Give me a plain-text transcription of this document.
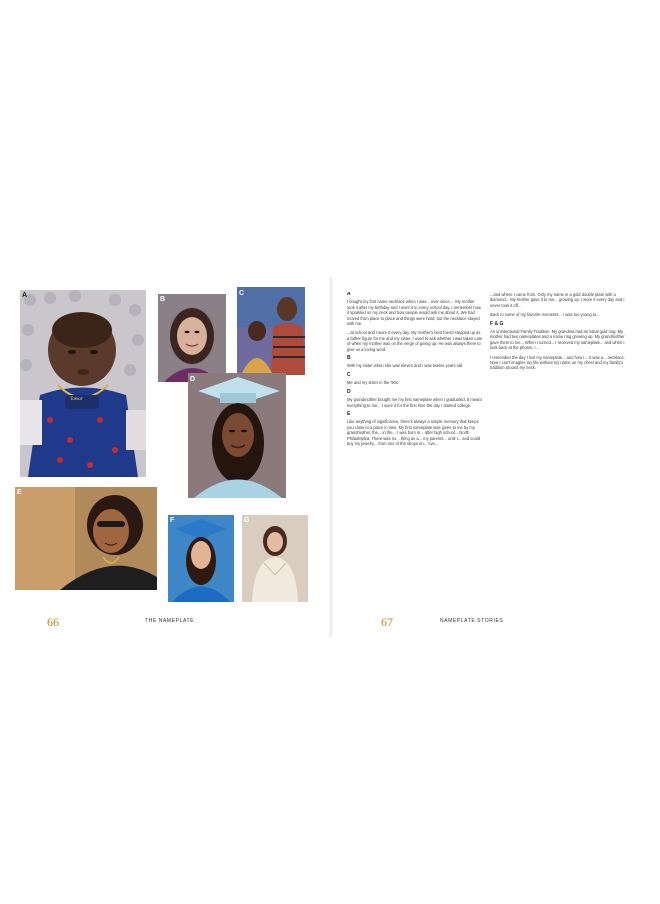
A
Tamar
B
C
D
E
F	G
66	THE NAMEPLATE
A

I bought my first name necklace when I was... ever since.... My mother took it after my birthday and I wore it to every school day. I remember how it sparkled on my neck and how people would ask me about it. We had moved from place to place and things were hard, but the necklace stayed with me.

...at school and I wore it every day. My mother's best friend stepped up as a father figure for me and my sister. I used to ask whether I was taken care of when my mother was on the verge of giving up. He was always there to give us a loving word.

B

With my sister when she was eleven and I was twelve years old.

C

Me and my sister in the '90s.

D

My grandmother bought me my first nameplate when I graduated. It meant everything to me... I wore it for the first time the day I started college.

E

Like anything of significance, there's always a simple memory that keeps you close to a place in time. My first nameplate was given to me by my grandmother, the... in the... I was born in... after high school... North Philadelphia. There was no... thing as a... my parents... until I... and could buy my jewelry... from one of the shops on... Ave...

...and where I came from. Only my name in a gold double plate with a diamond... My mother gave it to me... growing up. I wore it every day and I never took it off...

Back to some of my favorite moments... I was too young to...

F & G

An unintentional Family Tradition. My grandma had an initial gold ring. My mother had two nameplates and a name ring growing up. My grandmother gave them to me... When I turned... I received my nameplate... and when I look back at the photos, I...

I remember the day I lost my nameplate... and how I... It was a... necklace. Now I can't imagine my life without my name on my chest and my family's tradition around my neck.

67	NAMEPLATE STORIES
